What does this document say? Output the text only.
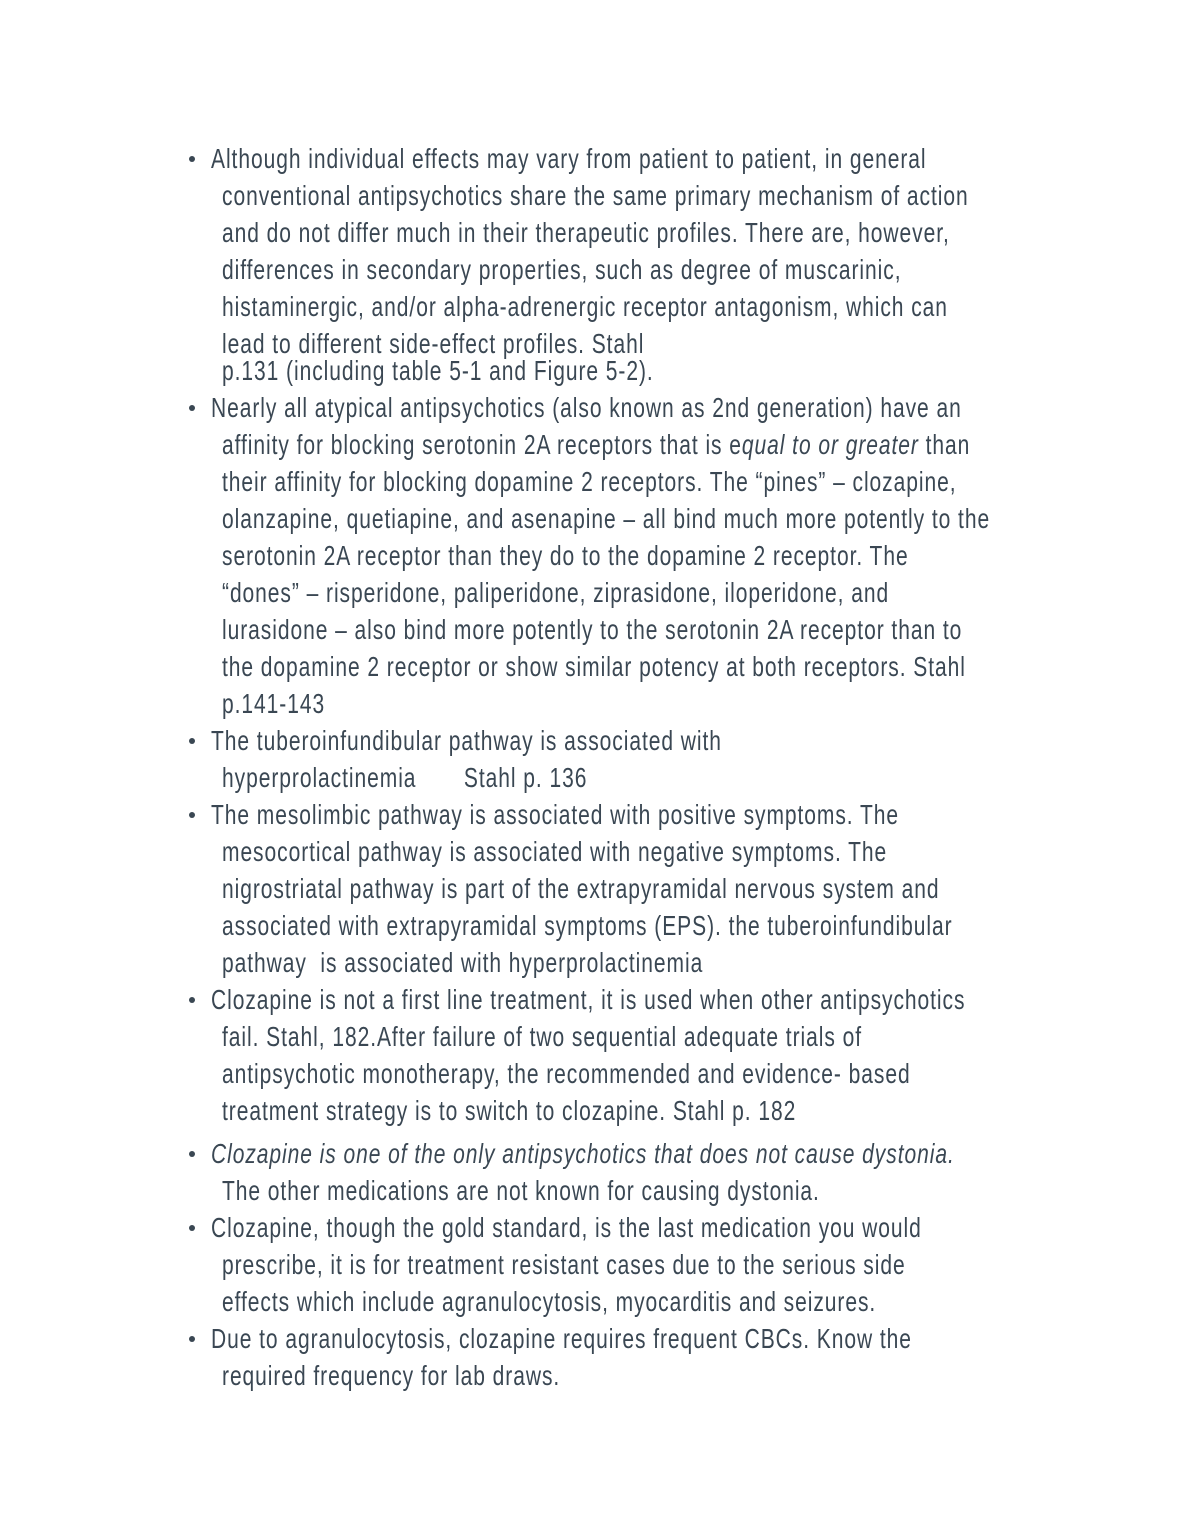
Although individual effects may vary from patient to patient, in general
conventional antipsychotics share the same primary mechanism of action
and do not differ much in their therapeutic profiles. There are, however,
differences in secondary properties, such as degree of muscarinic,
histaminergic, and/or alpha-adrenergic receptor antagonism, which can
lead to different side-effect profiles. Stahl
p.131 (including table 5-1 and Figure 5-2).
Nearly all atypical antipsychotics (also known as 2nd generation) have an
affinity for blocking serotonin 2A receptors that is equal to or greater than
their affinity for blocking dopamine 2 receptors. The “pines” – clozapine,
olanzapine, quetiapine, and asenapine – all bind much more potently to the
serotonin 2A receptor than they do to the dopamine 2 receptor. The
“dones” – risperidone, paliperidone, ziprasidone, iloperidone, and
lurasidone – also bind more potently to the serotonin 2A receptor than to
the dopamine 2 receptor or show similar potency at both receptors. Stahl
p.141-143
The tuberoinfundibular pathway is associated with
hyperprolactinemia       Stahl p. 136
The mesolimbic pathway is associated with positive symptoms. The
mesocortical pathway is associated with negative symptoms. The
nigrostriatal pathway is part of the extrapyramidal nervous system and
associated with extrapyramidal symptoms (EPS). the tuberoinfundibular
pathway  is associated with hyperprolactinemia
Clozapine is not a first line treatment, it is used when other antipsychotics
fail. Stahl, 182.After failure of two sequential adequate trials of
antipsychotic monotherapy, the recommended and evidence- based
treatment strategy is to switch to clozapine. Stahl p. 182
Clozapine is one of the only antipsychotics that does not cause dystonia.
The other medications are not known for causing dystonia.
Clozapine, though the gold standard, is the last medication you would
prescribe, it is for treatment resistant cases due to the serious side
effects which include agranulocytosis, myocarditis and seizures.
Due to agranulocytosis, clozapine requires frequent CBCs. Know the
required frequency for lab draws.
